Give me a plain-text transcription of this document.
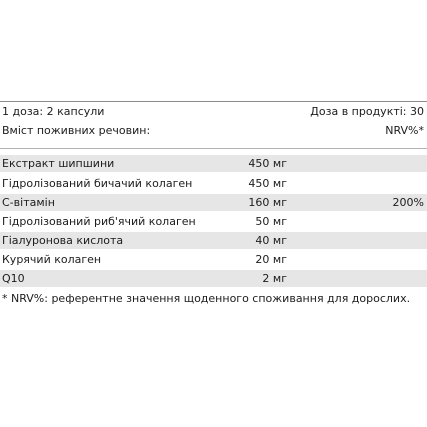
1 доза: 2 капсули	Доза в продукті: 30
Вміст поживних речовин:	NRV%*
Екстракт шипшини	450 мг
Гідролізований бичачий колаген	450 мг
С-вітамін	160 мг	200%
Гідролізований риб'ячий колаген	50 мг
Гіалуронова кислота	40 мг
Курячий колаген	20 мг
Q10	2 мг
* NRV%: референтне значення щоденного споживання для дорослих.
